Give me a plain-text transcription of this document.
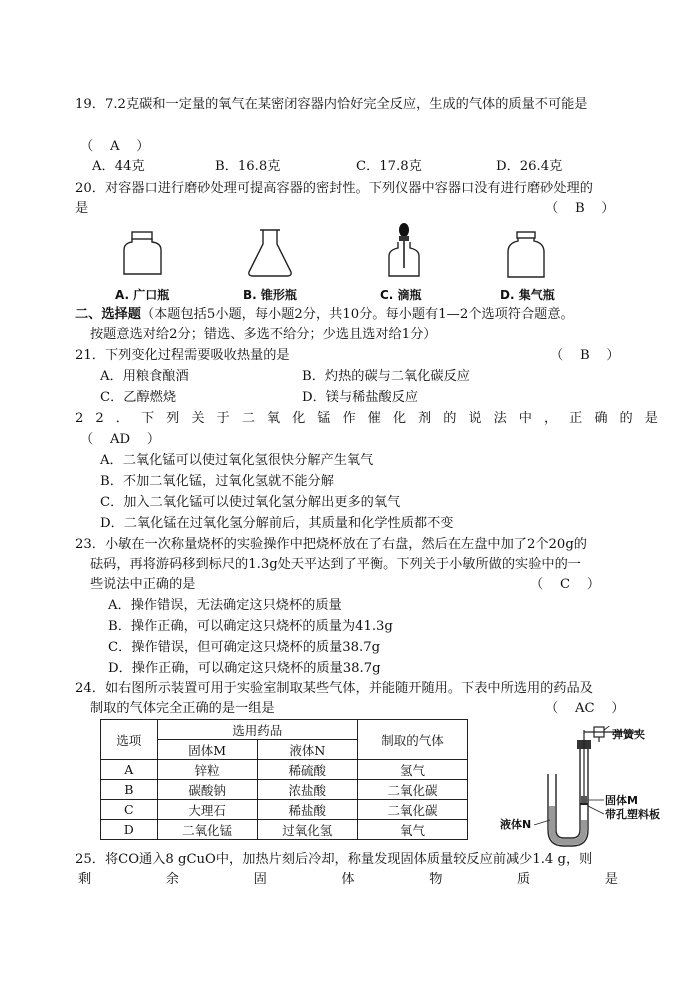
19．7.2克碳和一定量的氧气在某密闭容器内恰好完全反应，生成的气体的质量不可能是
（    A    ）
A．44克	B．16.8克	C．17.8克	D．26.4克
20．对容器口进行磨砂处理可提高容器的密封性。下列仪器中容器口没有进行磨砂处理的
是	（    B    ）
A. 广口瓶	B. 锥形瓶	C. 滴瓶	D. 集气瓶
二、选择题（本题包括5小题，每小题2分，共10分。每小题有1—2个选项符合题意。
按题意选对给2分；错选、多选不给分；少选且选对给1分）
21．下列变化过程需要吸收热量的是	（    B    ）
A．用粮食酿酒	B．灼热的碳与二氧化碳反应
C．乙醇燃烧	D．镁与稀盐酸反应
22．下列关于二氧化锰作催化剂的说法中，正确的是
（    AD    ）
A．二氧化锰可以使过氧化氢很快分解产生氧气
B．不加二氧化锰，过氧化氢就不能分解
C．加入二氧化锰可以使过氧化氢分解出更多的氧气
D．二氧化锰在过氧化氢分解前后，其质量和化学性质都不变
23．小敏在一次称量烧杯的实验操作中把烧杯放在了右盘，然后在左盘中加了2个20g的
砝码，再将游码移到标尺的1.3g处天平达到了平衡。下列关于小敏所做的实验中的一
些说法中正确的是	（    C    ）
A．操作错误，无法确定这只烧杯的质量
B．操作正确，可以确定这只烧杯的质量为41.3g
C．操作错误，但可确定这只烧杯的质量38.7g
D．操作正确，可以确定这只烧杯的质量38.7g
24．如右图所示装置可用于实验室制取某些气体，并能随开随用。下表中所选用的药品及
制取的气体完全正确的是一组是	（    AC    ）
选项	选用药品		制取的气体
	固体M	液体N	
A	锌粒	稀硫酸	氢气
B	碳酸钠	浓盐酸	二氧化碳
C	大理石	稀盐酸	二氧化碳
D	二氧化锰	过氧化氢	氧气
弹簧夹
固体M
带孔塑料板
液体N
25．将CO通入8 gCuO中，加热片刻后冷却，称量发现固体质量较反应前减少1.4 g，则
剩	余	固	体	物	质	是
